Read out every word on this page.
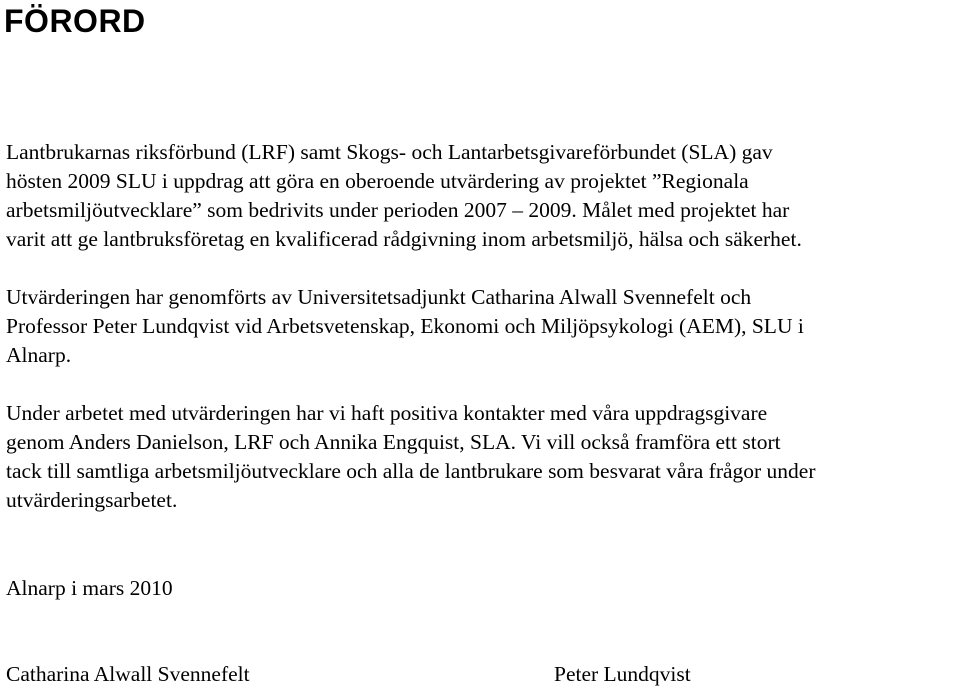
FÖRORD

Lantbrukarnas riksförbund (LRF) samt Skogs- och Lantarbetsgivareförbundet (SLA) gav
hösten 2009 SLU i uppdrag att göra en oberoende utvärdering av projektet ”Regionala
arbetsmiljöutvecklare” som bedrivits under perioden 2007 – 2009. Målet med projektet har
varit att ge lantbruksföretag en kvalificerad rådgivning inom arbetsmiljö, hälsa och säkerhet.

Utvärderingen har genomförts av Universitetsadjunkt Catharina Alwall Svennefelt och
Professor Peter Lundqvist vid Arbetsvetenskap, Ekonomi och Miljöpsykologi (AEM), SLU i
Alnarp.

Under arbetet med utvärderingen har vi haft positiva kontakter med våra uppdragsgivare
genom Anders Danielson, LRF och Annika Engquist, SLA. Vi vill också framföra ett stort
tack till samtliga arbetsmiljöutvecklare och alla de lantbrukare som besvarat våra frågor under
utvärderingsarbetet.

Alnarp i mars 2010

Catharina Alwall Svennefelt	Peter Lundqvist
